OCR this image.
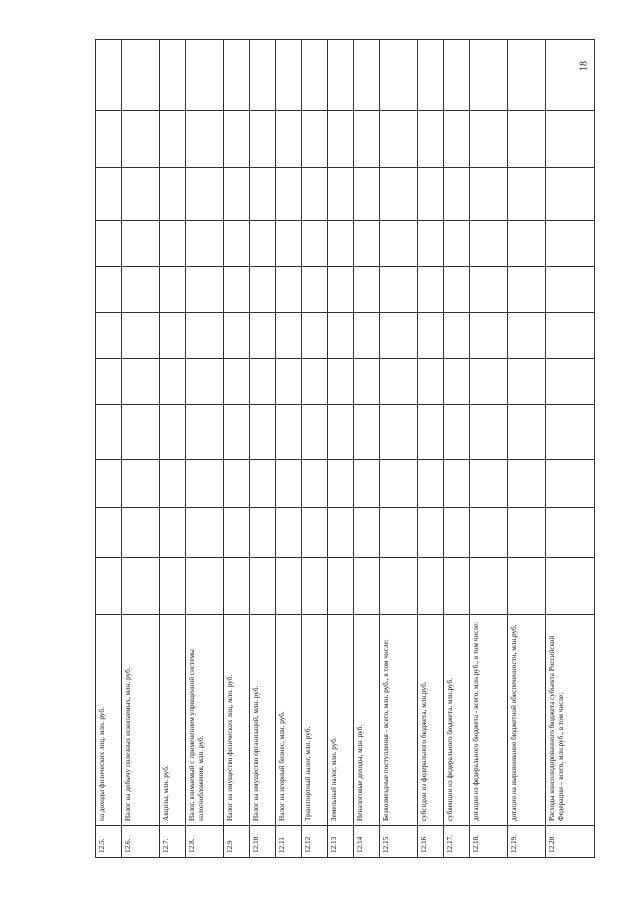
18
12.5.	на доходы физических лиц, млн. руб.											
12.6.	Налог на добычу полезных ископаемых, млн. руб.											
12.7.	Акцизы, млн. руб.											
12.8.	Налог, взимаемый с применением упрощенной системы налогообложения, млн. руб.											
12.9	Налог на имущество физических лиц, млн. руб.											
12.10.	Налог на имущество организаций, млн. руб.											
12.11	Налог на игорный бизнес, млн. руб.											
12.12	Транспортный налог, млн. руб.											
12.13	Земельный налог, млн. руб.											
12.14	Неналоговые доходы, млн. руб.											
12.15	Безвозмездные поступления - всего, млн. руб., в том числе:											
12.16	субсидии из федерального бюджета, млн.руб.											
12.17.	субвенции из федерального бюджета, млн.руб.											
12.18.	дотации из федерального бюджета - всего, млн.руб., в том числе:											
12.19.	дотации на выравнивание бюджетной обеспеченности, млн.руб.											
12.20.	Расходы консолидированного бюджета субъекта Российской Федерации – всего, млн.руб., в том числе:											
